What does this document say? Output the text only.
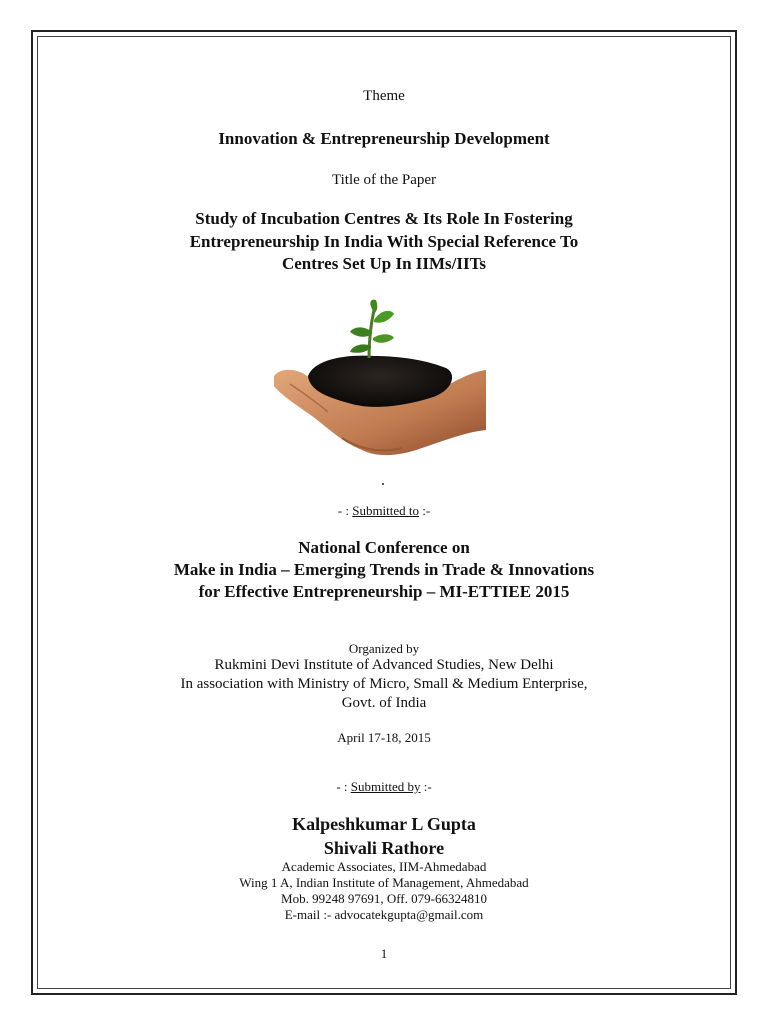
Theme
Innovation & Entrepreneurship Development
Title of the Paper
Study of Incubation Centres & Its Role In Fostering
Entrepreneurship In India With Special Reference To
Centres Set Up In IIMs/IITs
- : Submitted to :-
National Conference on
Make in India – Emerging Trends in Trade & Innovations
for Effective Entrepreneurship – MI-ETTIEE 2015
Organized by
Rukmini Devi Institute of Advanced Studies, New Delhi
In association with Ministry of Micro, Small & Medium Enterprise,
Govt. of India
April 17-18, 2015
- : Submitted by :-
Kalpeshkumar L Gupta
Shivali Rathore
Academic Associates, IIM-Ahmedabad
Wing 1 A, Indian Institute of Management, Ahmedabad
Mob. 99248 97691, Off. 079-66324810
E-mail :- advocatekgupta@gmail.com
1
